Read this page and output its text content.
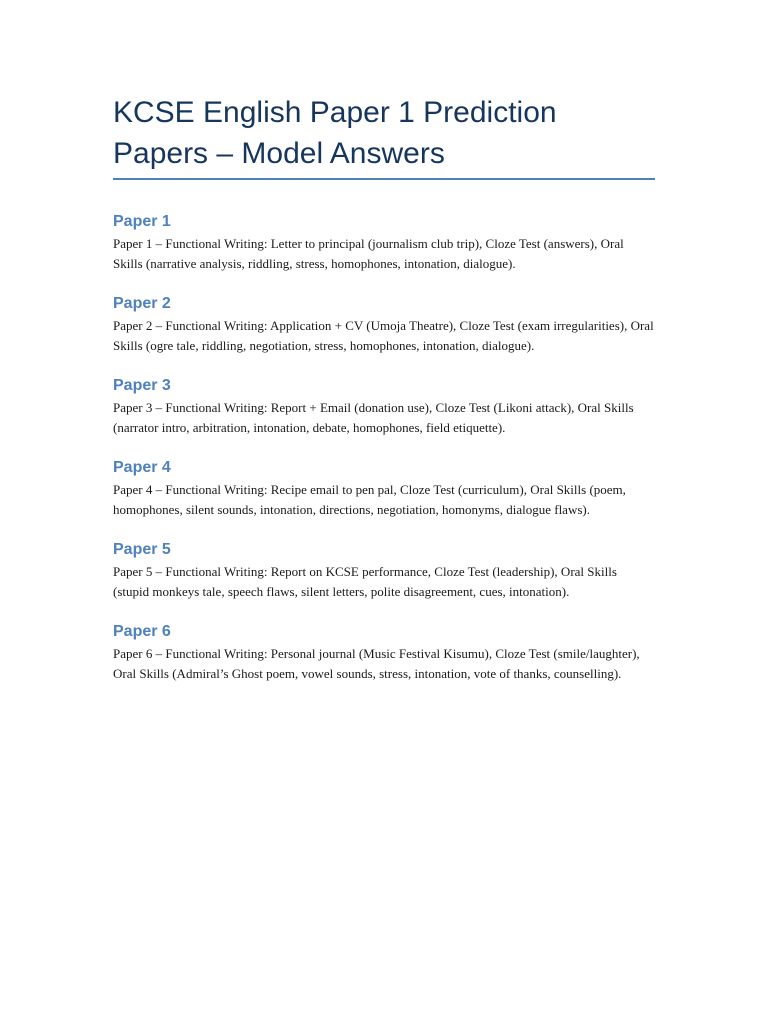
KCSE English Paper 1 Prediction Papers – Model Answers
Paper 1

Paper 1 – Functional Writing: Letter to principal (journalism club trip), Cloze Test (answers), Oral Skills (narrative analysis, riddling, stress, homophones, intonation, dialogue).

Paper 2

Paper 2 – Functional Writing: Application + CV (Umoja Theatre), Cloze Test (exam irregularities), Oral Skills (ogre tale, riddling, negotiation, stress, homophones, intonation, dialogue).

Paper 3

Paper 3 – Functional Writing: Report + Email (donation use), Cloze Test (Likoni attack), Oral Skills (narrator intro, arbitration, intonation, debate, homophones, field etiquette).

Paper 4

Paper 4 – Functional Writing: Recipe email to pen pal, Cloze Test (curriculum), Oral Skills (poem, homophones, silent sounds, intonation, directions, negotiation, homonyms, dialogue flaws).

Paper 5

Paper 5 – Functional Writing: Report on KCSE performance, Cloze Test (leadership), Oral Skills (stupid monkeys tale, speech flaws, silent letters, polite disagreement, cues, intonation).

Paper 6

Paper 6 – Functional Writing: Personal journal (Music Festival Kisumu), Cloze Test (smile/laughter), Oral Skills (Admiral’s Ghost poem, vowel sounds, stress, intonation, vote of thanks, counselling).
